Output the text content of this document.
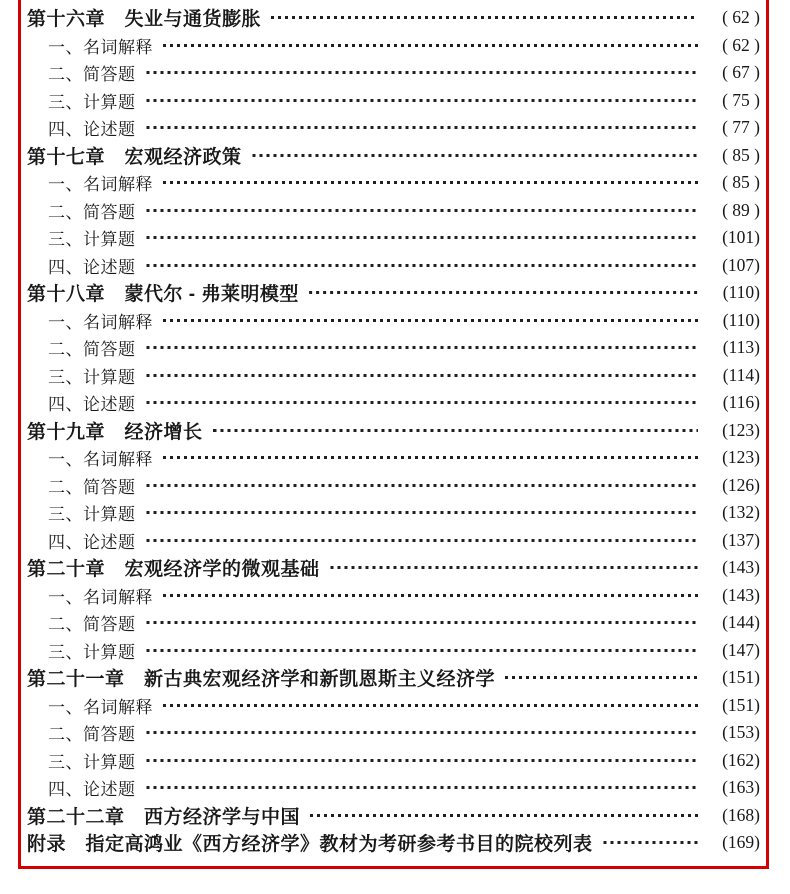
第十六章　失业与通货膨胀	( 62 )
一、名词解释	( 62 )
二、简答题	( 67 )
三、计算题	( 75 )
四、论述题	( 77 )
第十七章　宏观经济政策	( 85 )
一、名词解释	( 85 )
二、简答题	( 89 )
三、计算题	(101)
四、论述题	(107)
第十八章　蒙代尔 - 弗莱明模型	(110)
一、名词解释	(110)
二、简答题	(113)
三、计算题	(114)
四、论述题	(116)
第十九章　经济增长	(123)
一、名词解释	(123)
二、简答题	(126)
三、计算题	(132)
四、论述题	(137)
第二十章　宏观经济学的微观基础	(143)
一、名词解释	(143)
二、简答题	(144)
三、计算题	(147)
第二十一章　新古典宏观经济学和新凯恩斯主义经济学	(151)
一、名词解释	(151)
二、简答题	(153)
三、计算题	(162)
四、论述题	(163)
第二十二章　西方经济学与中国	(168)
附录　指定高鸿业《西方经济学》教材为考研参考书目的院校列表	(169)
